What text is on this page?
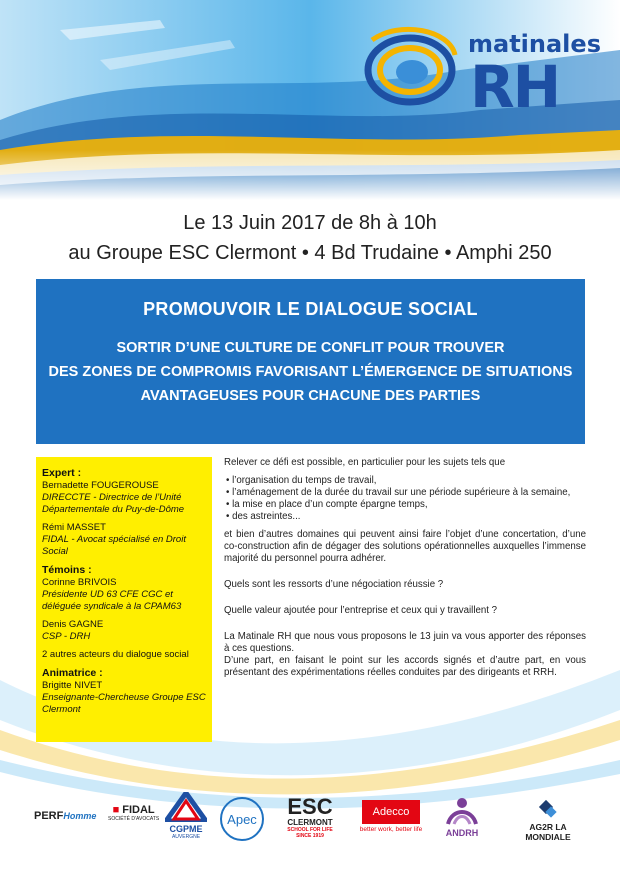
matinales
RH
Le 13 Juin 2017 de 8h à 10h
au Groupe ESC Clermont • 4 Bd Trudaine • Amphi 250
PROMOUVOIR LE DIALOGUE SOCIAL
SORTIR D’UNE CULTURE DE CONFLIT POUR TROUVER
DES ZONES DE COMPROMIS FAVORISANT L’ÉMERGENCE DE SITUATIONS
AVANTAGEUSES POUR CHACUNE DES PARTIES
Expert :
Bernadette FOUGEROUSE
DIRECCTE - Directrice de l’Unité Départementale du Puy-de-Dôme
Rémi MASSET
FIDAL - Avocat spécialisé en Droit Social
Témoins :
Corinne BRIVOIS
Présidente UD 63 CFE CGC et déléguée syndicale à la CPAM63
Denis GAGNE
CSP - DRH
2 autres acteurs du dialogue social
Animatrice :
Brigitte NIVET
Enseignante-Chercheuse Groupe ESC Clermont

Relever ce défi est possible, en particulier pour les sujets tels que

• l’organisation du temps de travail,
• l’aménagement de la durée du travail sur une période supérieure à la semaine,
• la mise en place d’un compte épargne temps,
• des astreintes...

et bien d’autres domaines qui peuvent ainsi faire l’objet d’une concertation, d’une co-construction afin de dégager des solutions opérationnelles auxquelles l’immense majorité du personnel pourra adhérer.

Quels sont les ressorts d’une négociation réussie ?

Quelle valeur ajoutée pour l’entreprise et ceux qui y travaillent ?

La Matinale RH que nous vous proposons le 13 juin va vous apporter des réponses à ces questions.

D’une part, en faisant le point sur les accords signés et d’autre part, en vous présentant des expérimentations réelles conduites par des dirigeants et RRH.

PERFHomme	■ FIDAL
SOCIÉTÉ D’AVOCATS
CGPME
AUVERGNE
Apec
ESC
CLERMONT
SCHOOL FOR LIFE
SINCE 1919
Adecco
better work, better life	ANDRH
AG2R LA MONDIALE
